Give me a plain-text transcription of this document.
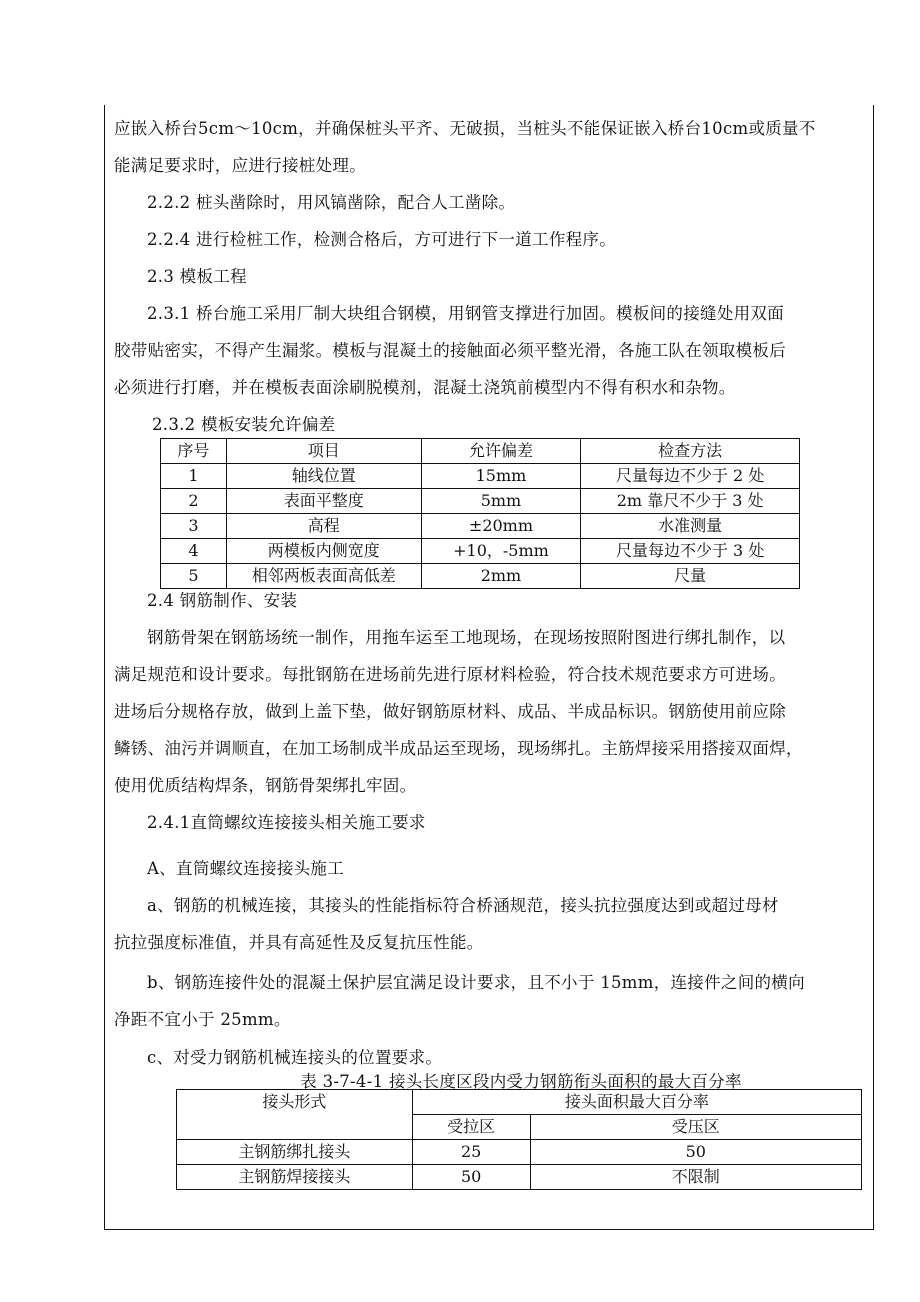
应嵌入桥台5cm～10cm，并确保桩头平齐、无破损，当桩头不能保证嵌入桥台10cm或质量不
能满足要求时，应进行接桩处理。
2.2.2 桩头凿除时，用风镐凿除，配合人工凿除。
2.2.4 进行检桩工作，检测合格后，方可进行下一道工作程序。
2.3 模板工程
2.3.1 桥台施工采用厂制大块组合钢模，用钢管支撑进行加固。模板间的接缝处用双面
胶带贴密实，不得产生漏浆。模板与混凝土的接触面必须平整光滑，各施工队在领取模板后
必须进行打磨，并在模板表面涂刷脱模剂，混凝土浇筑前模型内不得有积水和杂物。
2.3.2 模板安装允许偏差
序号	项目	允许偏差	检查方法
1	轴线位置	15mm	尺量每边不少于 2 处
2	表面平整度	5mm	2m 靠尺不少于 3 处
3	高程	±20mm	水准测量
4	两模板内侧宽度	+10，-5mm	尺量每边不少于 3 处
5	相邻两板表面高低差	2mm	尺量
2.4 钢筋制作、安装
钢筋骨架在钢筋场统一制作，用拖车运至工地现场，在现场按照附图进行绑扎制作，以
满足规范和设计要求。每批钢筋在进场前先进行原材料检验，符合技术规范要求方可进场。
进场后分规格存放，做到上盖下垫，做好钢筋原材料、成品、半成品标识。钢筋使用前应除
鳞锈、油污并调顺直，在加工场制成半成品运至现场，现场绑扎。主筋焊接采用搭接双面焊，
使用优质结构焊条，钢筋骨架绑扎牢固。
2.4.1直筒螺纹连接接头相关施工要求
A、直筒螺纹连接接头施工
a、钢筋的机械连接，其接头的性能指标符合桥涵规范，接头抗拉强度达到或超过母材
抗拉强度标准值，并具有高延性及反复抗压性能。
b、钢筋连接件处的混凝土保护层宜满足设计要求，且不小于 15mm，连接件之间的横向
净距不宜小于 25mm。
c、对受力钢筋机械连接头的位置要求。
表 3-7-4-1 接头长度区段内受力钢筋衔头面积的最大百分率
接头形式	接头面积最大百分率	
	受拉区	受压区
主钢筋绑扎接头	25	50
主钢筋焊接接头	50	不限制
